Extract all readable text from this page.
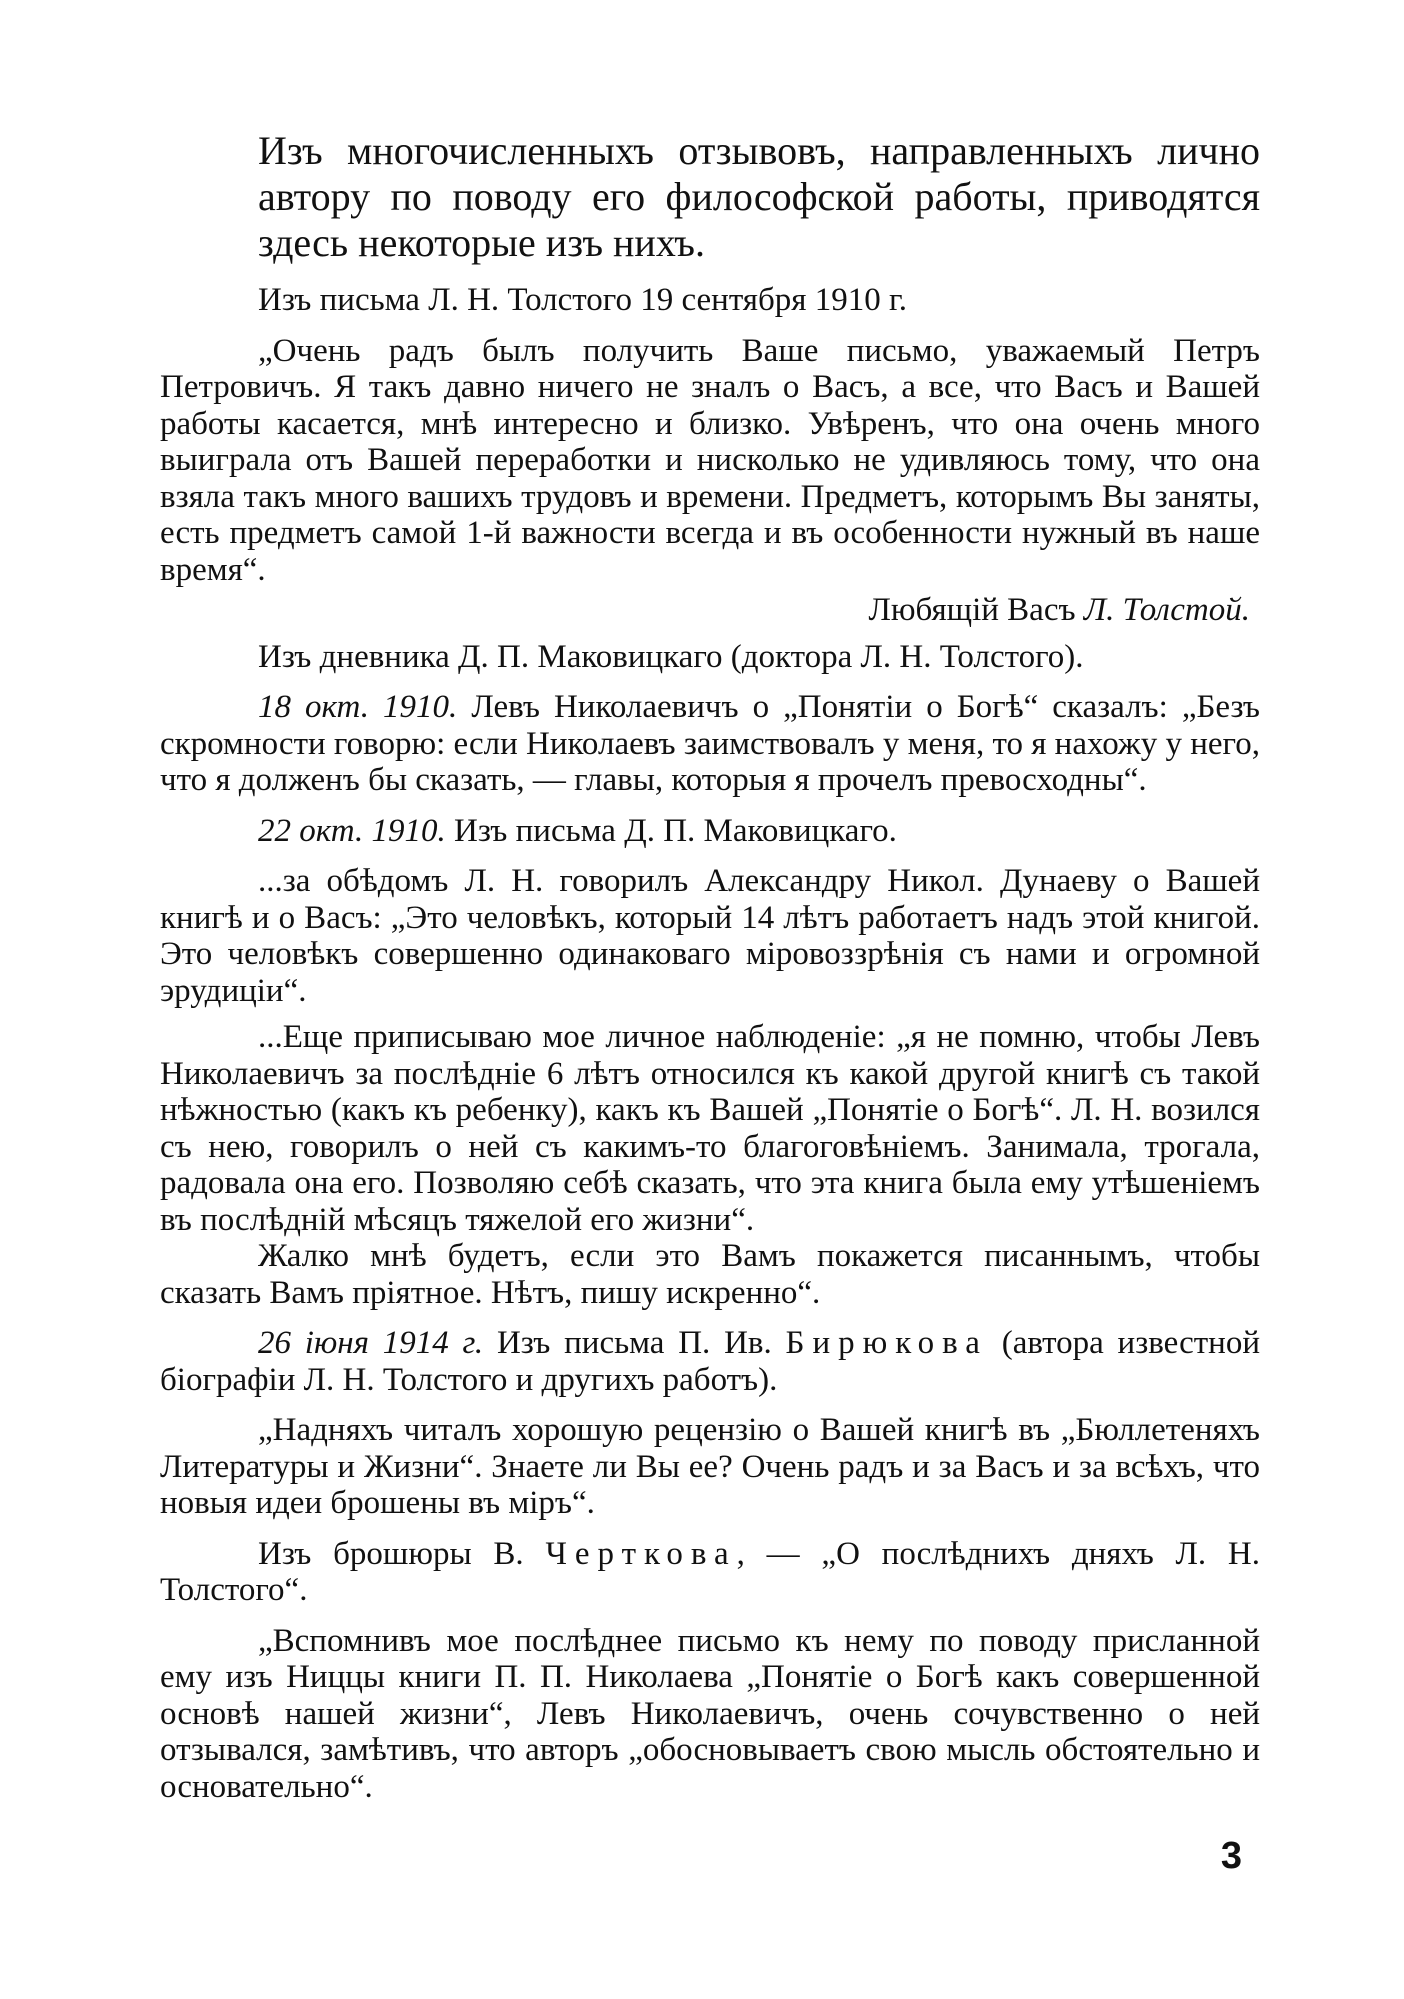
Изъ многочисленныхъ отзывовъ, направленныхъ лично автору по поводу его философской работы, приводятся здесь некоторые изъ нихъ.

Изъ письма Л. Н. Толстого 19 сентября 1910 г.

„Очень радъ былъ получить Ваше письмо, уважаемый Петръ Петровичъ. Я такъ давно ничего не зналъ о Васъ, а все, что Васъ и Вашей работы касается, мнѣ интересно и близко. Увѣренъ, что она очень много выиграла отъ Вашей переработки и нисколько не удивляюсь тому, что она взяла такъ много вашихъ трудовъ и времени. Предметъ, которымъ Вы заняты, есть предметъ самой 1-й важности всегда и въ особенности нужный въ наше время“.

Любящій Васъ Л. Толстой.

Изъ дневника Д. П. Маковицкаго (доктора Л. Н. Толстого).

18 окт. 1910. Левъ Николаевичъ о „Понятіи о Богѣ“ сказалъ: „Безъ скромности говорю: если Николаевъ заимствовалъ у меня, то я нахожу у него, что я долженъ бы сказать, — главы, которыя я прочелъ превосходны“.

22 окт. 1910. Изъ письма Д. П. Маковицкаго.

...за обѣдомъ Л. Н. говорилъ Александру Никол. Дунаеву о Вашей книгѣ и о Васъ: „Это человѣкъ, который 14 лѣтъ работаетъ надъ этой книгой. Это человѣкъ совершенно одинаковаго міровоззрѣнія съ нами и огромной эрудиціи“.

...Еще приписываю мое личное наблюденіе: „я не помню, чтобы Левъ Николаевичъ за послѣдніе 6 лѣтъ относился къ какой другой книгѣ съ такой нѣжностью (какъ къ ребенку), какъ къ Вашей „Понятіе о Богѣ“. Л. Н. возился съ нею, говорилъ о ней съ какимъ-то благоговѣніемъ. Занимала, трогала, радовала она его. Позволяю себѣ сказать, что эта книга была ему утѣшеніемъ въ послѣдній мѣсяцъ тяжелой его жизни“.

Жалко мнѣ будетъ, если это Вамъ покажется писаннымъ, чтобы сказать Вамъ пріятное. Нѣтъ, пишу искренно“.

26 іюня 1914 г. Изъ письма П. Ив. Бирюкова (автора известной біографіи Л. Н. Толстого и другихъ работъ).

„Надняхъ читалъ хорошую рецензію о Вашей книгѣ въ „Бюллетеняхъ Литературы и Жизни“. Знаете ли Вы ее? Очень радъ и за Васъ и за всѣхъ, что новыя идеи брошены въ міръ“.

Изъ брошюры В. Черткова, — „О послѣднихъ дняхъ Л. Н. Толстого“.

„Вспомнивъ мое послѣднее письмо къ нему по поводу присланной ему изъ Ниццы книги П. П. Николаева „Понятіе о Богѣ какъ совершенной основѣ нашей жизни“, Левъ Николаевичъ, очень сочувственно о ней отзывался, замѣтивъ, что авторъ „обосновываетъ свою мысль обстоятельно и основательно“.

3
